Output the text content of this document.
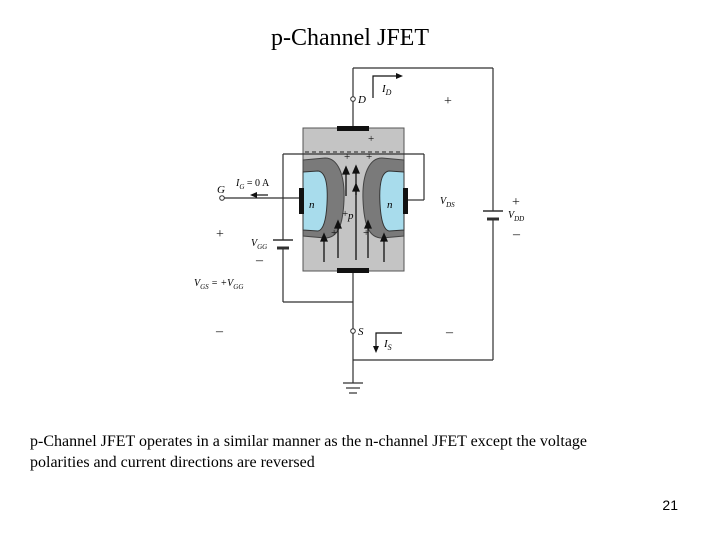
p-Channel JFET
+
+
+
+
+ +
n	n
p
D
S
G
$I_D$
$I_S$
$I_G = 0$ A
$V_{DS}$
$V_{DD}$
$V_{GG}$
$V_{GS} = +V_{GG}$
+
+
–
+
–
–	–
p-Channel JFET operates in a similar manner as the n-channel JFET except the voltage
polarities and current directions are reversed
21
